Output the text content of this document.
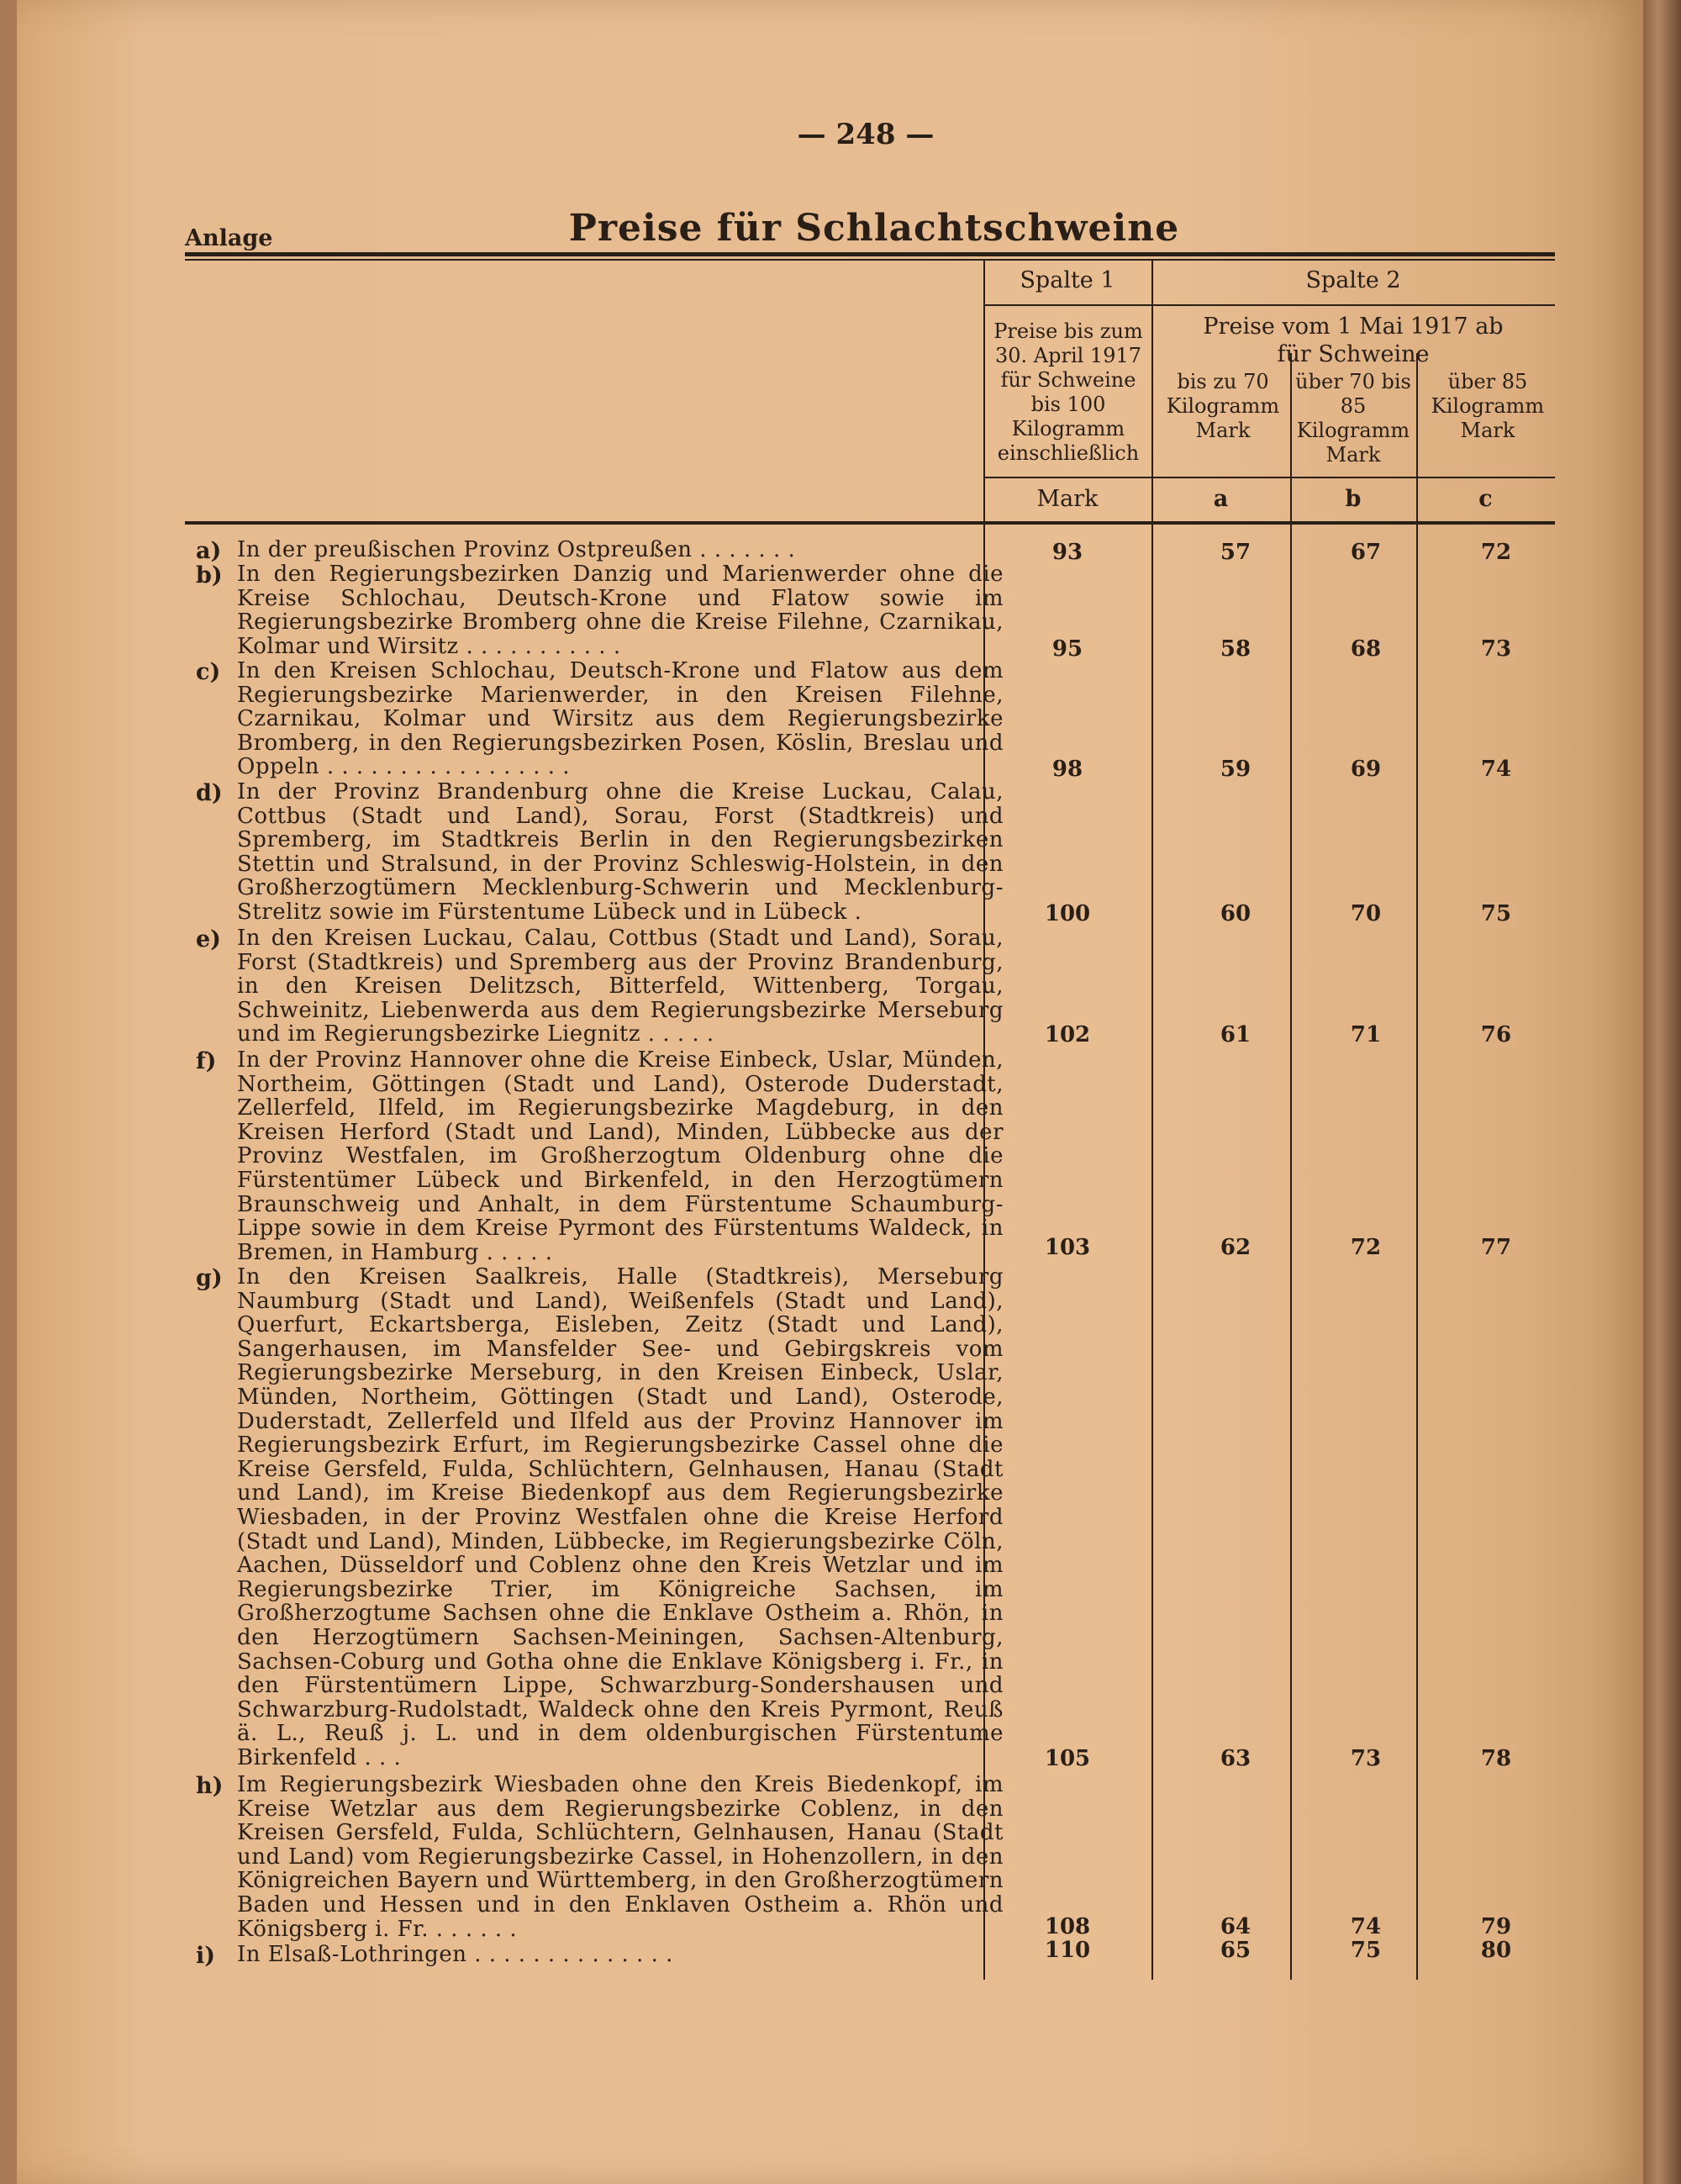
— 248 —
Anlage	Preise für Schlachtschweine
Spalte 1	Spalte 2
Preise bis zum 30. April 1917 für Schweine bis 100 Kilogramm einschließlich
Preise vom 1 Mai 1917 ab für Schweine
bis zu 70 Kilogramm Mark
über 70 bis 85 Kilogramm Mark
über 85 Kilogramm Mark
Mark	a	b	c
a) In der preußischen Provinz Ostpreußen . . . . . . .	93	57	67	72
b) In den Regierungsbezirken Danzig und Marienwerder ohne die Kreise Schlochau, Deutsch-Krone und Flatow sowie im Regierungsbezirke Bromberg ohne die Kreise Filehne, Czarnikau, Kolmar und Wirsitz . . . . . . . . . . .	95	58	68	73
c) In den Kreisen Schlochau, Deutsch-Krone und Flatow aus dem Regierungsbezirke Marienwerder, in den Kreisen Filehne, Czarnikau, Kolmar und Wirsitz aus dem Regierungsbezirke Bromberg, in den Regierungsbezirken Posen, Köslin, Breslau und Oppeln . . . . . . . . . . . . . . . . .	98	59	69	74
d) In der Provinz Brandenburg ohne die Kreise Luckau, Calau, Cottbus (Stadt und Land), Sorau, Forst (Stadtkreis) und Spremberg, im Stadtkreis Berlin in den Regierungsbezirken Stettin und Stralsund, in der Provinz Schleswig-Holstein, in den Großherzogtümern Mecklenburg-Schwerin und Mecklenburg-Strelitz sowie im Fürstentume Lübeck und in Lübeck .	100	60	70	75
e) In den Kreisen Luckau, Calau, Cottbus (Stadt und Land), Sorau, Forst (Stadtkreis) und Spremberg aus der Provinz Brandenburg, in den Kreisen Delitzsch, Bitterfeld, Wittenberg, Torgau, Schweinitz, Liebenwerda aus dem Regierungsbezirke Merseburg und im Regierungsbezirke Liegnitz . . . . .	102	61	71	76
f) In der Provinz Hannover ohne die Kreise Einbeck, Uslar, Münden, Northeim, Göttingen (Stadt und Land), Osterode Duderstadt, Zellerfeld, Ilfeld, im Regierungsbezirke Magdeburg, in den Kreisen Herford (Stadt und Land), Minden, Lübbecke aus der Provinz Westfalen, im Großherzogtum Oldenburg ohne die Fürstentümer Lübeck und Birkenfeld, in den Herzogtümern Braunschweig und Anhalt, in dem Fürstentume Schaumburg-Lippe sowie in dem Kreise Pyrmont des Fürstentums Waldeck, in Bremen, in Hamburg . . . . .	103	62	72	77
g) In den Kreisen Saalkreis, Halle (Stadtkreis), Merseburg Naumburg (Stadt und Land), Weißenfels (Stadt und Land), Querfurt, Eckartsberga, Eisleben, Zeitz (Stadt und Land), Sangerhausen, im Mansfelder See- und Gebirgskreis vom Regierungsbezirke Merseburg, in den Kreisen Einbeck, Uslar, Münden, Northeim, Göttingen (Stadt und Land), Osterode, Duderstadt, Zellerfeld und Ilfeld aus der Provinz Hannover im Regierungsbezirk Erfurt, im Regierungsbezirke Cassel ohne die Kreise Gersfeld, Fulda, Schlüchtern, Gelnhausen, Hanau (Stadt und Land), im Kreise Biedenkopf aus dem Regierungsbezirke Wiesbaden, in der Provinz Westfalen ohne die Kreise Herford (Stadt und Land), Minden, Lübbecke, im Regierungsbezirke Cöln, Aachen, Düsseldorf und Coblenz ohne den Kreis Wetzlar und im Regierungsbezirke Trier, im Königreiche Sachsen, im Großherzogtume Sachsen ohne die Enklave Ostheim a. Rhön, in den Herzogtümern Sachsen-Meiningen, Sachsen-Altenburg, Sachsen-Coburg und Gotha ohne die Enklave Königsberg i. Fr., in den Fürstentümern Lippe, Schwarzburg-Sondershausen und Schwarzburg-Rudolstadt, Waldeck ohne den Kreis Pyrmont, Reuß ä. L., Reuß j. L. und in dem oldenburgischen Fürstentume Birkenfeld . . .	105	63	73	78
h) Im Regierungsbezirk Wiesbaden ohne den Kreis Biedenkopf, im Kreise Wetzlar aus dem Regierungsbezirke Coblenz, in den Kreisen Gersfeld, Fulda, Schlüchtern, Gelnhausen, Hanau (Stadt und Land) vom Regierungsbezirke Cassel, in Hohenzollern, in den Königreichen Bayern und Württemberg, in den Großherzogtümern Baden und Hessen und in den Enklaven Ostheim a. Rhön und Königsberg i. Fr. . . . . . .	108	64	74	79
i) In Elsaß-Lothringen . . . . . . . . . . . . . .	110	65	75	80
